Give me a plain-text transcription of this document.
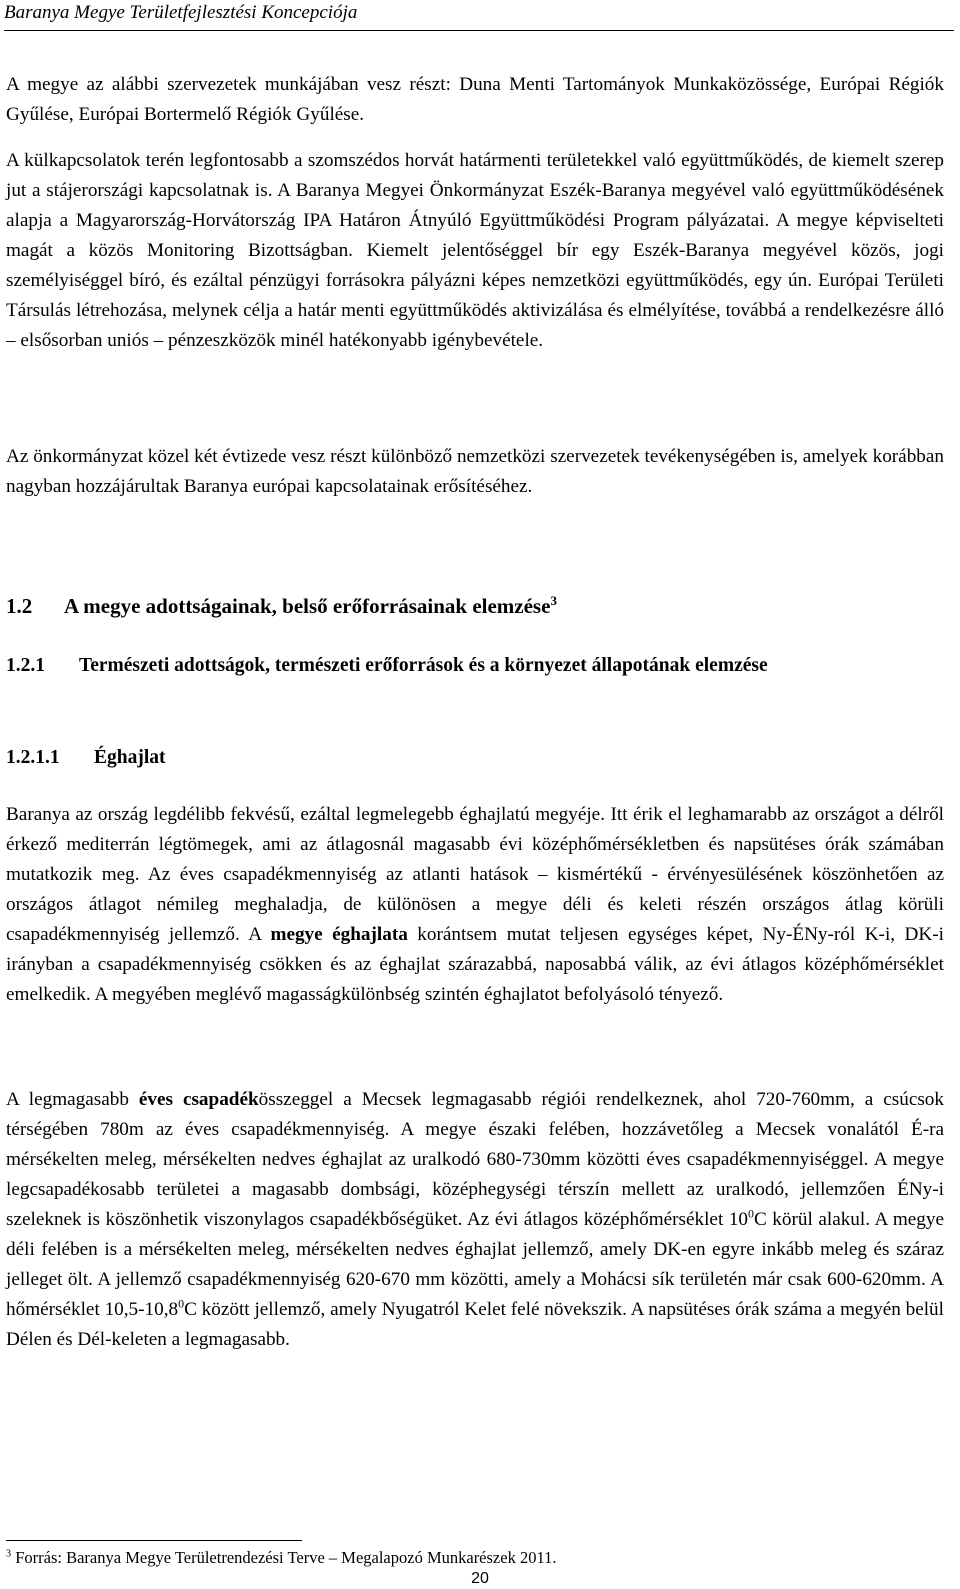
Baranya Megye Területfejlesztési Koncepciója

A megye az alábbi szervezetek munkájában vesz részt: Duna Menti Tartományok Munkaközössége, Európai Régiók Gyűlése, Európai Bortermelő Régiók Gyűlése.

A külkapcsolatok terén legfontosabb a szomszédos horvát határmenti területekkel való együttműködés, de kiemelt szerep jut a stájerországi kapcsolatnak is. A Baranya Megyei Önkormányzat Eszék-Baranya megyével való együttműködésének alapja a Magyarország-Horvátország IPA Határon Átnyúló Együttműködési Program pályázatai. A megye képviselteti magát a közös Monitoring Bizottságban. Kiemelt jelentőséggel bír egy Eszék-Baranya megyével közös, jogi személyiséggel bíró, és ezáltal pénzügyi forrásokra pályázni képes nemzetközi együttműködés, egy ún. Európai Területi Társulás létrehozása, melynek célja a határ menti együttműködés aktivizálása és elmélyítése, továbbá a rendelkezésre álló – elsősorban uniós – pénzeszközök minél hatékonyabb igénybevétele.

Az önkormányzat közel két évtizede vesz részt különböző nemzetközi szervezetek tevékenységében is, amelyek korábban nagyban hozzájárultak Baranya európai kapcsolatainak erősítéséhez.

1.2	A megye adottságainak, belső erőforrásainak elemzése$^3$
1.2.1	Természeti adottságok, természeti erőforrások és a környezet állapotának elemzése
1.2.1.1	Éghajlat

Baranya az ország legdélibb fekvésű, ezáltal legmelegebb éghajlatú megyéje. Itt érik el leghamarabb az országot a délről érkező mediterrán légtömegek, ami az átlagosnál magasabb évi középhőmérsékletben és napsütéses órák számában mutatkozik meg. Az éves csapadékmennyiség az atlanti hatások – kismértékű - érvényesülésének köszönhetően az országos átlagot némileg meghaladja, de különösen a megye déli és keleti részén országos átlag körüli csapadékmennyiség jellemző. A megye éghajlata korántsem mutat teljesen egységes képet, Ny-ÉNy-ról K-i, DK-i irányban a csapadékmennyiség csökken és az éghajlat szárazabbá, naposabbá válik, az évi átlagos középhőmérséklet emelkedik. A megyében meglévő magasságkülönbség szintén éghajlatot befolyásoló tényező.

A legmagasabb éves csapadékösszeggel a Mecsek legmagasabb régiói rendelkeznek, ahol 720-760mm, a csúcsok térségében 780m az éves csapadékmennyiség. A megye északi felében, hozzávetőleg a Mecsek vonalától É-ra mérsékelten meleg, mérsékelten nedves éghajlat az uralkodó 680-730mm közötti éves csapadékmennyiséggel. A megye legcsapadékosabb területei a magasabb dombsági, középhegységi térszín mellett az uralkodó, jellemzően ÉNy-i szeleknek is köszönhetik viszonylagos csapadékbőségüket. Az évi átlagos középhőmérséklet $10^0C$ körül alakul. A megye déli felében is a mérsékelten meleg, mérsékelten nedves éghajlat jellemző, amely DK-en egyre inkább meleg és száraz jelleget ölt. A jellemző csapadékmennyiség 620-670 mm közötti, amely a Mohácsi sík területén már csak 600-620mm. A hőmérséklet 10,5-10,8$^0$C között jellemző, amely Nyugatról Kelet felé növekszik. A napsütéses órák száma a megyén belül Délen és Dél-keleten a legmagasabb.

$^3$ Forrás: Baranya Megye Területrendezési Terve – Megalapozó Munkarészek 2011.
20
